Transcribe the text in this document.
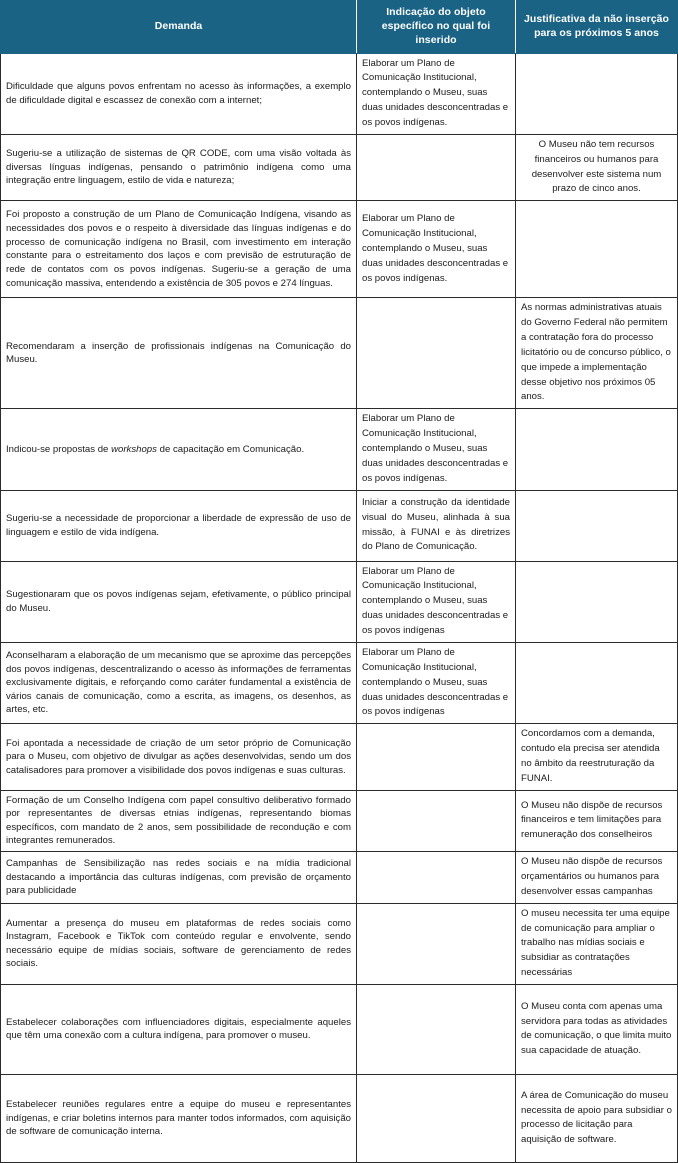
Demanda	Indicação do objeto específico no qual foi inserido	Justificativa da não inserção para os próximos 5 anos
Dificuldade que alguns povos enfrentam no acesso às informações, a exemplo de dificuldade digital e escassez de conexão com a internet;	Elaborar um Plano de Comunicação Institucional, contemplando o Museu, suas duas unidades desconcentradas e os povos indígenas.	
Sugeriu-se a utilização de sistemas de QR CODE, com uma visão voltada às diversas línguas indígenas, pensando o patrimônio indígena como uma integração entre linguagem, estilo de vida e natureza;		O Museu não tem recursos financeiros ou humanos para desenvolver este sistema num prazo de cinco anos.
Foi proposto a construção de um Plano de Comunicação Indígena, visando as necessidades dos povos e o respeito à diversidade das línguas indígenas e do processo de comunicação indígena no Brasil, com investimento em interação constante para o estreitamento dos laços e com previsão de estruturação de rede de contatos com os povos indígenas. Sugeriu-se a geração de uma comunicação massiva, entendendo a existência de 305 povos e 274 línguas.	Elaborar um Plano de Comunicação Institucional, contemplando o Museu, suas duas unidades desconcentradas e os povos indígenas.	
Recomendaram a inserção de profissionais indígenas na Comunicação do Museu.		As normas administrativas atuais do Governo Federal não permitem a contratação fora do processo licitatório ou de concurso público, o que impede a implementação desse objetivo nos próximos 05 anos.
Indicou-se propostas de workshops de capacitação em Comunicação.	Elaborar um Plano de Comunicação Institucional, contemplando o Museu, suas duas unidades desconcentradas e os povos indígenas.	
Sugeriu-se a necessidade de proporcionar a liberdade de expressão de uso de linguagem e estilo de vida indígena.	Iniciar a construção da identidade visual do Museu, alinhada à sua missão, à FUNAI e às diretrizes do Plano de Comunicação.	
Sugestionaram que os povos indígenas sejam, efetivamente, o público principal do Museu.	Elaborar um Plano de Comunicação Institucional, contemplando o Museu, suas duas unidades desconcentradas e os povos indígenas	
Aconselharam a elaboração de um mecanismo que se aproxime das percepções dos povos indígenas, descentralizando o acesso às informações de ferramentas exclusivamente digitais, e reforçando como caráter fundamental a existência de vários canais de comunicação, como a escrita, as imagens, os desenhos, as artes, etc.	Elaborar um Plano de Comunicação Institucional, contemplando o Museu, suas duas unidades desconcentradas e os povos indígenas	
Foi apontada a necessidade de criação de um setor próprio de Comunicação para o Museu, com objetivo de divulgar as ações desenvolvidas, sendo um dos catalisadores para promover a visibilidade dos povos indígenas e suas culturas.		Concordamos com a demanda, contudo ela precisa ser atendida no âmbito da reestruturação da FUNAI.
Formação de um Conselho Indígena com papel consultivo deliberativo formado por representantes de diversas etnias indígenas, representando biomas específicos, com mandato de 2 anos, sem possibilidade de recondução e com integrantes remunerados.		O Museu não dispõe de recursos financeiros e tem limitações para remuneração dos conselheiros
Campanhas de Sensibilização nas redes sociais e na mídia tradicional destacando a importância das culturas indígenas, com previsão de orçamento para publicidade		O Museu não dispõe de recursos orçamentários ou humanos para desenvolver essas campanhas
Aumentar a presença do museu em plataformas de redes sociais como Instagram, Facebook e TikTok com conteúdo regular e envolvente, sendo necessário equipe de mídias sociais, software de gerenciamento de redes sociais.		O museu necessita ter uma equipe de comunicação para ampliar o trabalho nas mídias sociais e subsidiar as contratações necessárias
Estabelecer colaborações com influenciadores digitais, especialmente aqueles que têm uma conexão com a cultura indígena, para promover o museu.		O Museu conta com apenas uma servidora para todas as atividades de comunicação, o que limita muito sua capacidade de atuação.
Estabelecer reuniões regulares entre a equipe do museu e representantes indígenas, e criar boletins internos para manter todos informados, com aquisição de software de comunicação interna.		A área de Comunicação do museu necessita de apoio para subsidiar o processo de licitação para aquisição de software.
